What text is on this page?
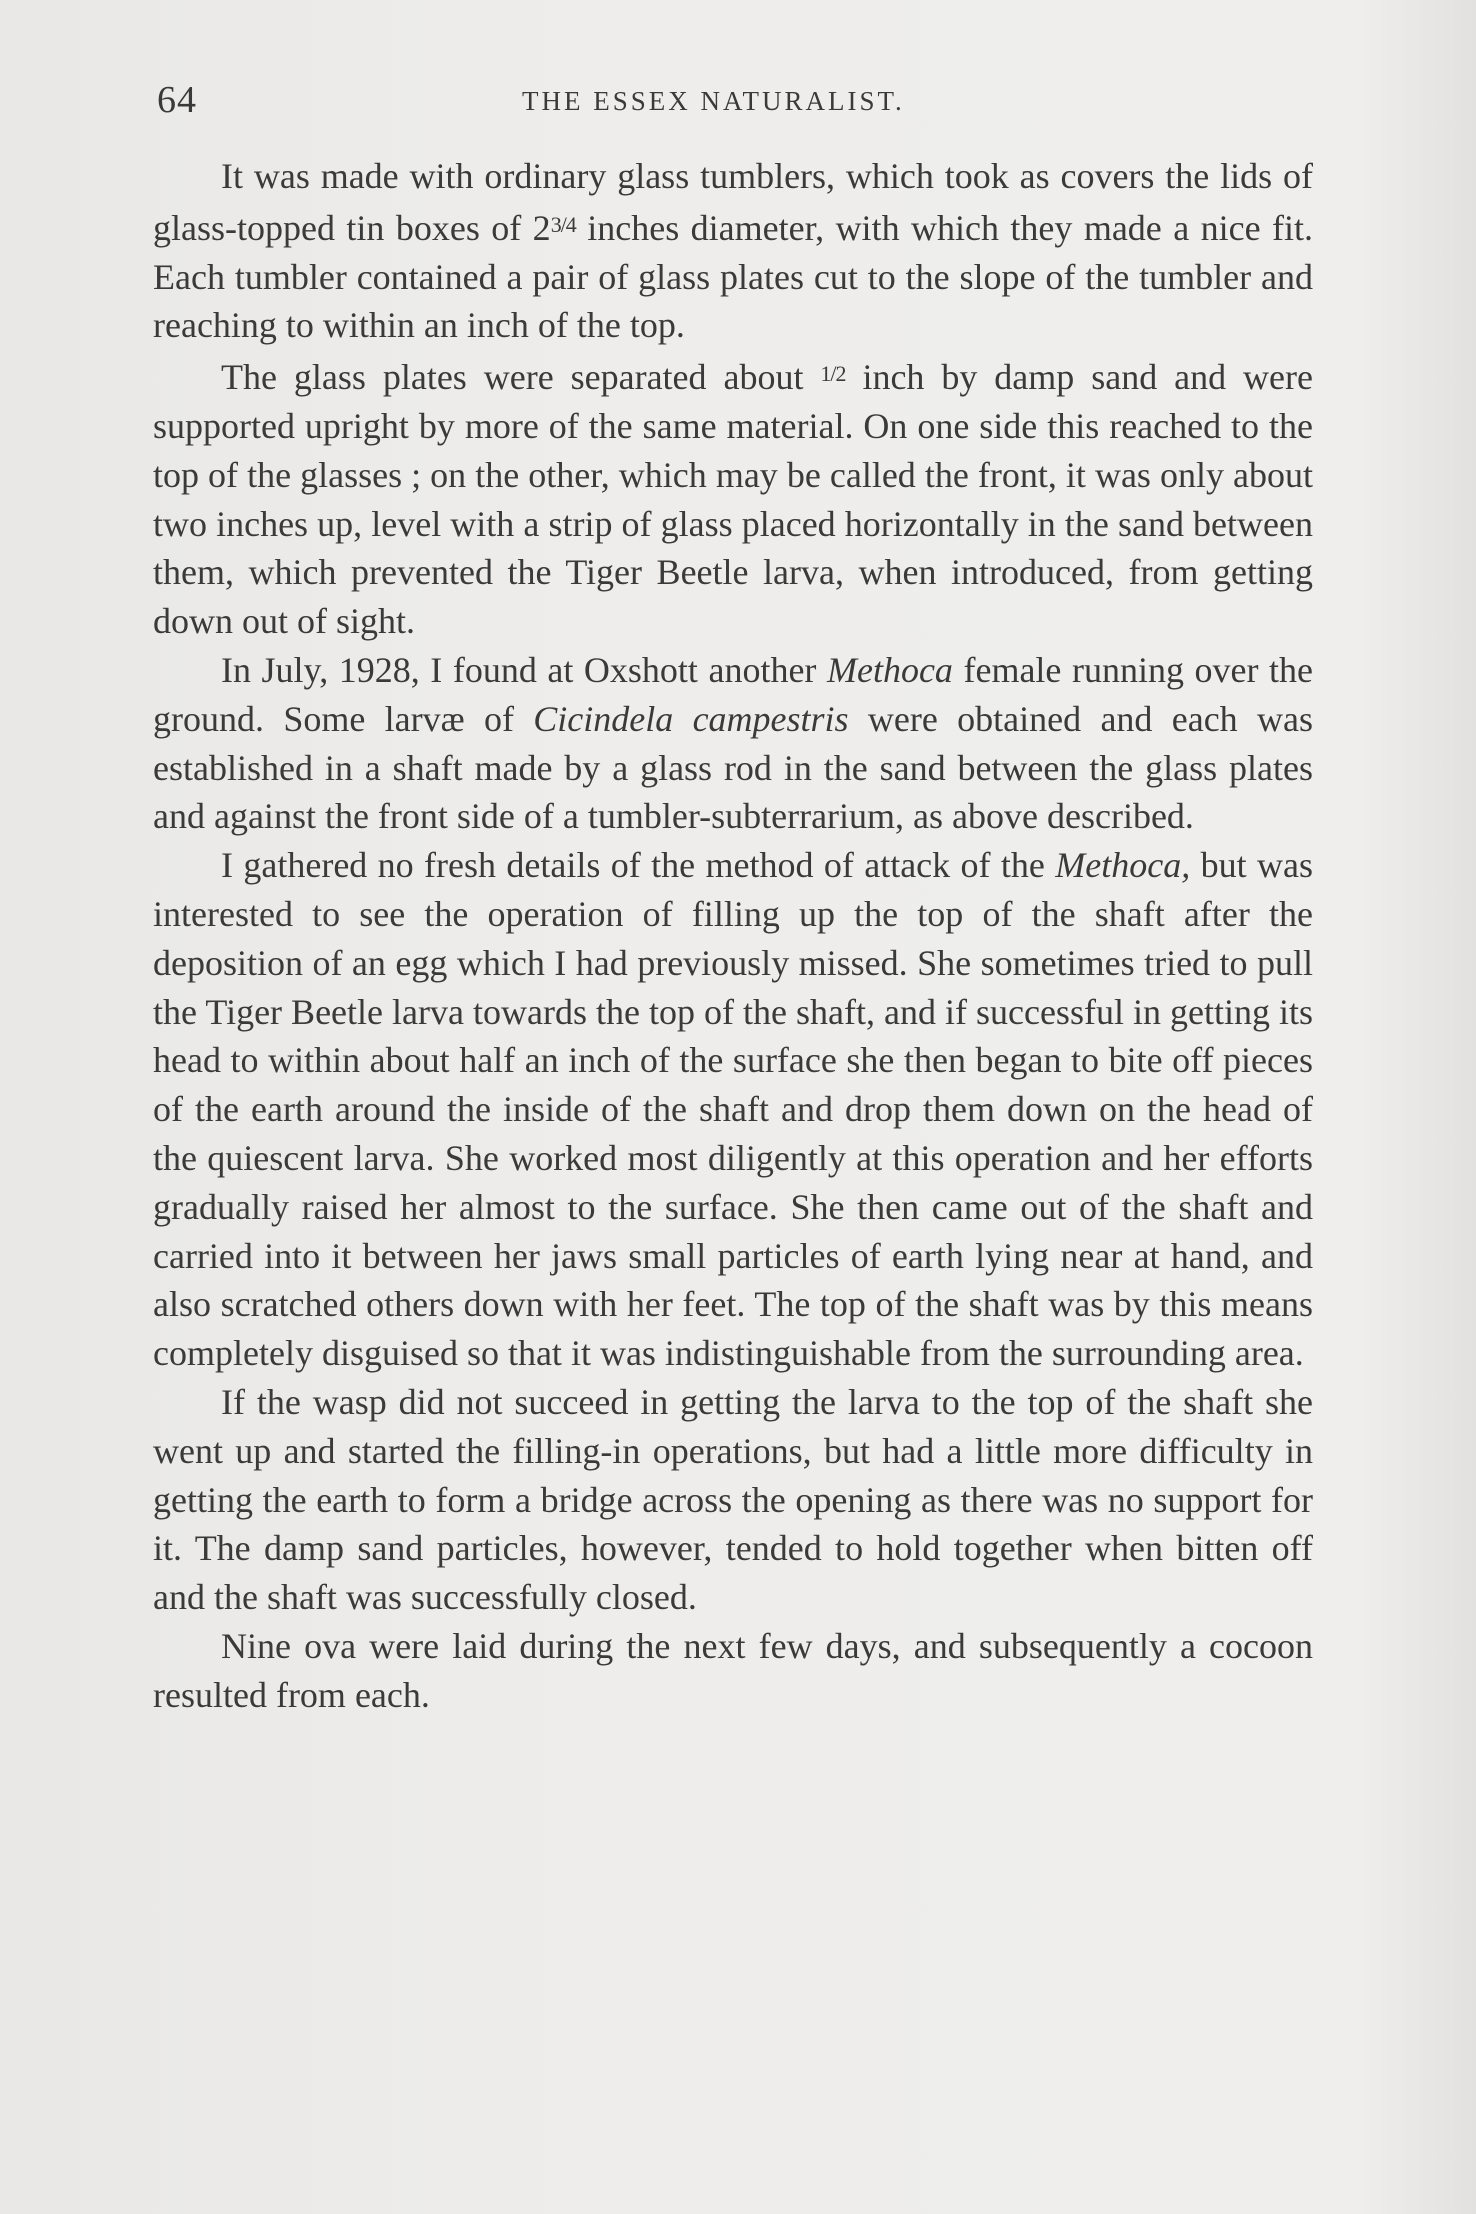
64	THE ESSEX NATURALIST.

It was made with ordinary glass tumblers, which took as covers the lids of glass-topped tin boxes of $2^{3/4}$ inches diameter, with which they made a nice fit. Each tumbler contained a pair of glass plates cut to the slope of the tumbler and reaching to within an inch of the top.

The glass plates were separated about $^{1/2}$ inch by damp sand and were supported upright by more of the same material. On one side this reached to the top of the glasses ; on the other, which may be called the front, it was only about two inches up, level with a strip of glass placed horizontally in the sand between them, which prevented the Tiger Beetle larva, when introduced, from getting down out of sight.

In July, 1928, I found at Oxshott another Methoca female running over the ground. Some larvæ of Cicindela campestris were obtained and each was established in a shaft made by a glass rod in the sand between the glass plates and against the front side of a tumbler-subterrarium, as above described.

I gathered no fresh details of the method of attack of the Methoca, but was interested to see the operation of filling up the top of the shaft after the deposition of an egg which I had previously missed. She sometimes tried to pull the Tiger Beetle larva towards the top of the shaft, and if successful in getting its head to within about half an inch of the surface she then began to bite off pieces of the earth around the inside of the shaft and drop them down on the head of the quiescent larva. She worked most diligently at this operation and her efforts gradually raised her almost to the surface. She then came out of the shaft and carried into it between her jaws small particles of earth lying near at hand, and also scratched others down with her feet. The top of the shaft was by this means completely disguised so that it was indistinguishable from the surrounding area.

If the wasp did not succeed in getting the larva to the top of the shaft she went up and started the filling-in operations, but had a little more difficulty in getting the earth to form a bridge across the opening as there was no support for it. The damp sand particles, however, tended to hold together when bitten off and the shaft was successfully closed.

Nine ova were laid during the next few days, and subsequently a cocoon resulted from each.
